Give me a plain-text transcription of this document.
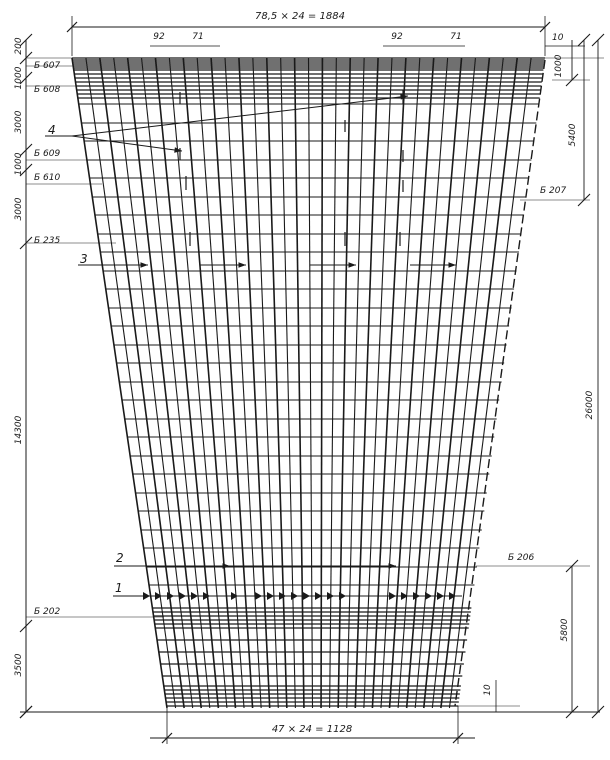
78,5 × 24 = 1884
92	71	92	71	10
200
1000
3000
1000
3000
14300
3500
Б 607
Б 608
Б 609
Б 610
Б 235
Б 202
1000
5400
Б 207
26000
5800
Б 206
10
47 × 24 = 1128
4
3
2
1
